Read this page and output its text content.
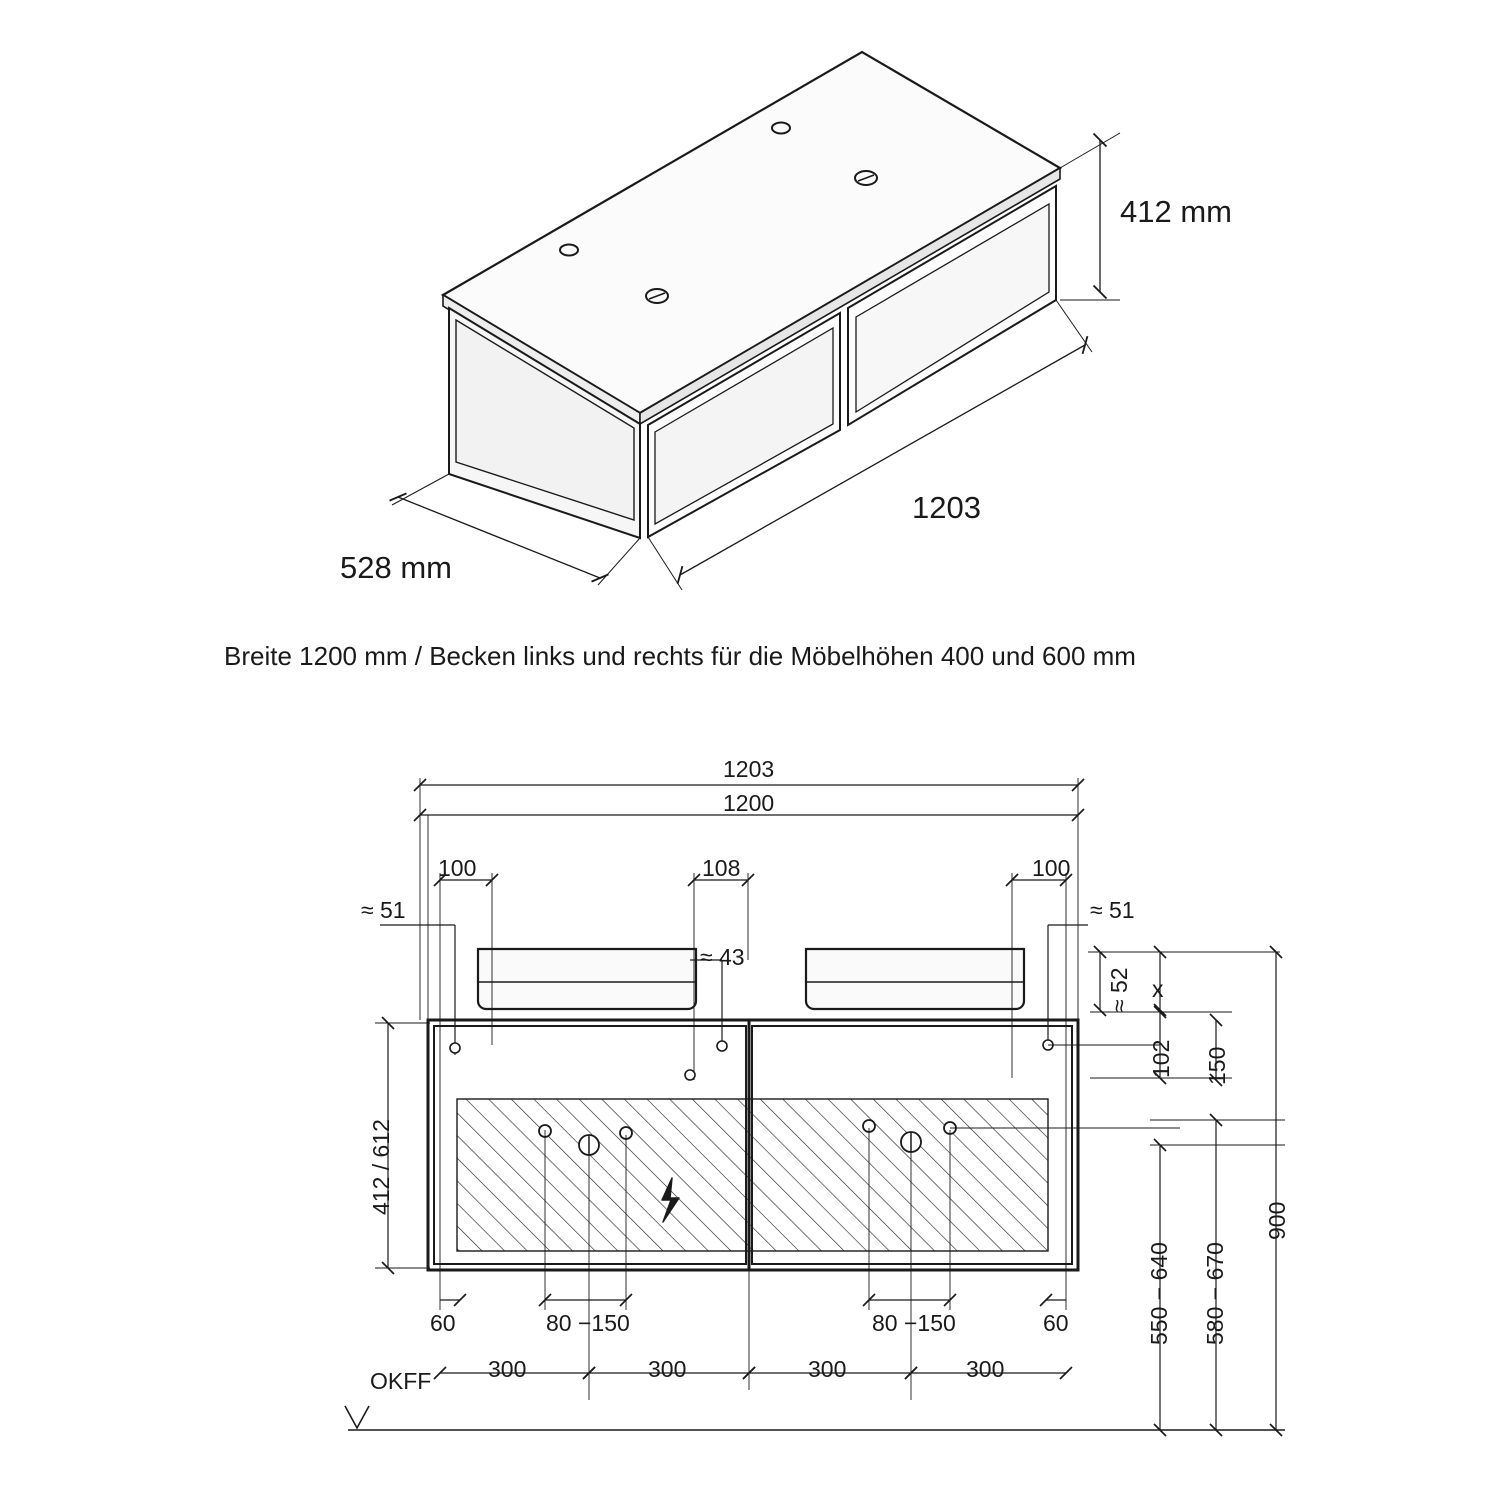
412 mm
1203
528 mm
Breite 1200 mm / Becken links und rechts für die Möbelhöhen 400 und 600 mm
1203
1200
100	108	100
≈ 51	≈ 51
≈ 43
≈ 52 x
102 150
412 / 612
60	60
80 −150	80 −150
300	300	300	300
550 − 640 580 − 670
900
OKFF
